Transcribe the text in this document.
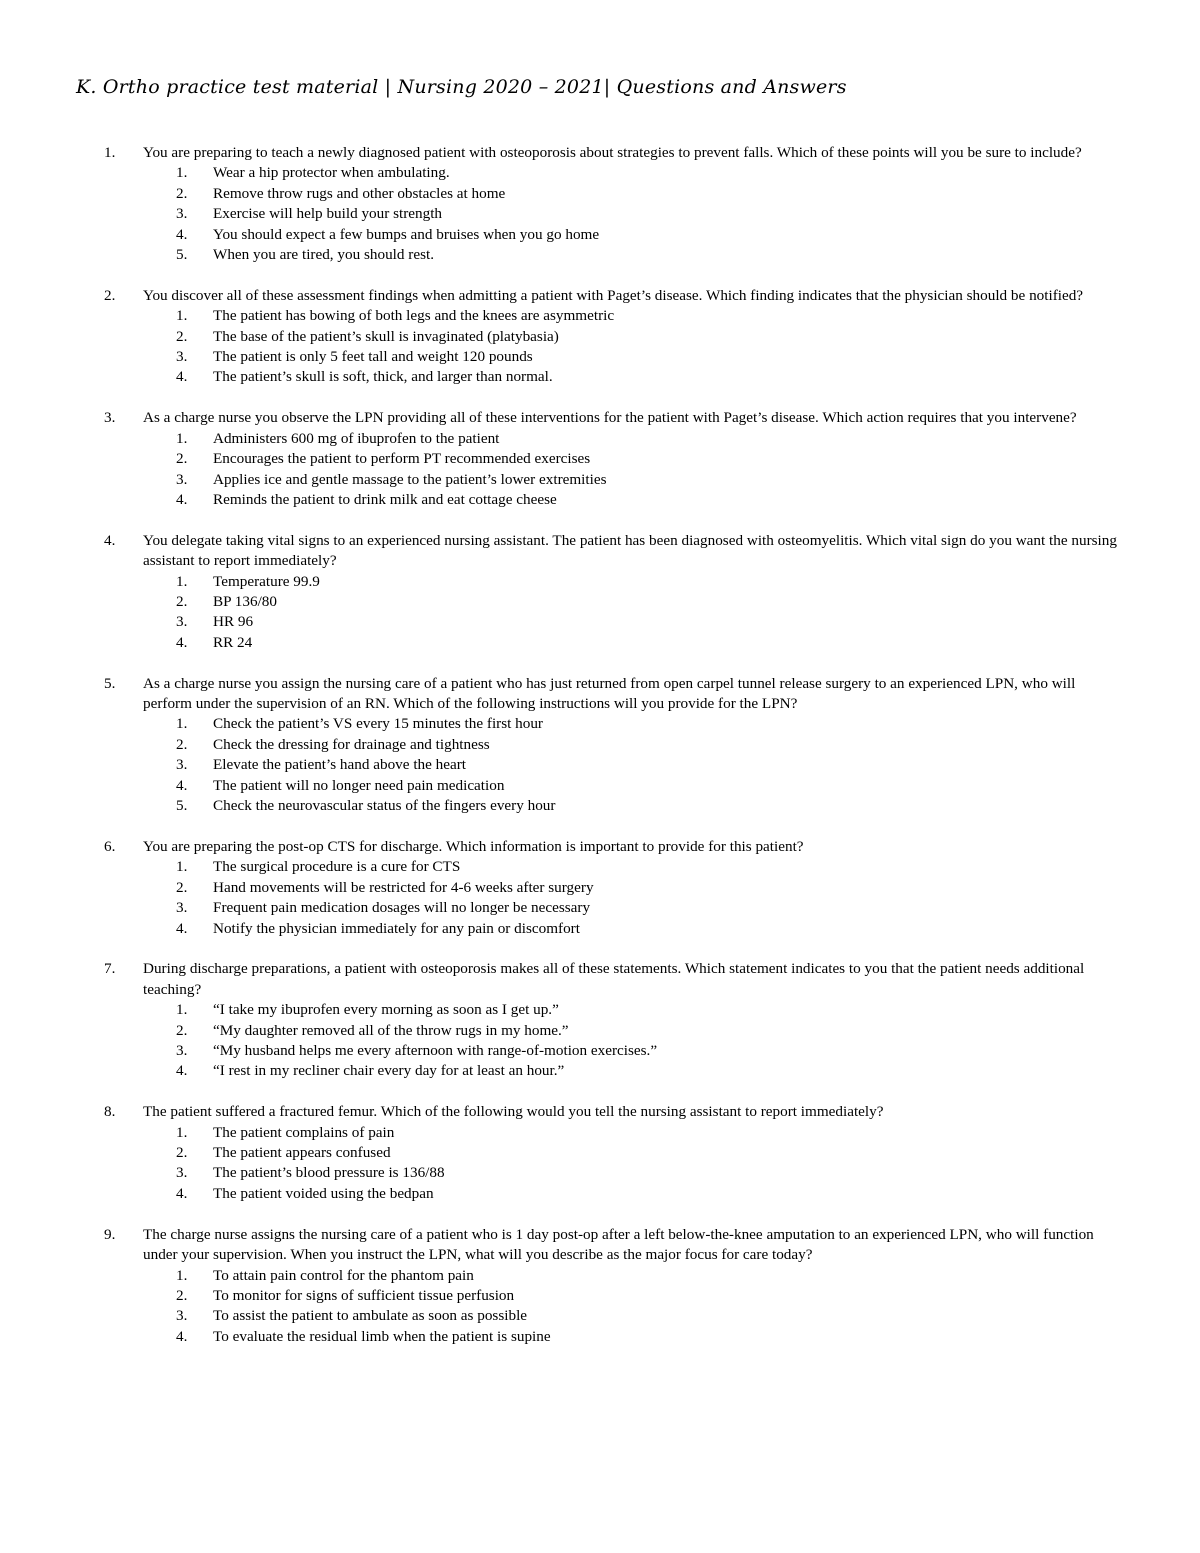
K. Ortho practice test material | Nursing 2020 – 2021| Questions and Answers
1.	You are preparing to teach a newly diagnosed patient with osteoporosis about strategies to prevent falls. Which of these points will you be sure to include?
1. Wear a hip protector when ambulating.
2. Remove throw rugs and other obstacles at home
3. Exercise will help build your strength
4. You should expect a few bumps and bruises when you go home
5. When you are tired, you should rest.
2.	You discover all of these assessment findings when admitting a patient with Paget’s disease. Which finding indicates that the physician should be notified?
1. The patient has bowing of both legs and the knees are asymmetric
2. The base of the patient’s skull is invaginated (platybasia)
3. The patient is only 5 feet tall and weight 120 pounds
4. The patient’s skull is soft, thick, and larger than normal.
3.	As a charge nurse you observe the LPN providing all of these interventions for the patient with Paget’s disease. Which action requires that you intervene?
1. Administers 600 mg of ibuprofen to the patient
2. Encourages the patient to perform PT recommended exercises
3. Applies ice and gentle massage to the patient’s lower extremities
4. Reminds the patient to drink milk and eat cottage cheese
4.	You delegate taking vital signs to an experienced nursing assistant. The patient has been diagnosed with osteomyelitis. Which vital sign do you want the nursing assistant to report immediately?
1. Temperature 99.9
2. BP 136/80
3. HR 96
4. RR 24
5.	As a charge nurse you assign the nursing care of a patient who has just returned from open carpel tunnel release surgery to an experienced LPN, who will perform under the supervision of an RN. Which of the following instructions will you provide for the LPN?
1. Check the patient’s VS every 15 minutes the first hour
2. Check the dressing for drainage and tightness
3. Elevate the patient’s hand above the heart
4. The patient will no longer need pain medication
5. Check the neurovascular status of the fingers every hour
6.	You are preparing the post-op CTS for discharge. Which information is important to provide for this patient?
1. The surgical procedure is a cure for CTS
2. Hand movements will be restricted for 4-6 weeks after surgery
3. Frequent pain medication dosages will no longer be necessary
4. Notify the physician immediately for any pain or discomfort
7.	During discharge preparations, a patient with osteoporosis makes all of these statements. Which statement indicates to you that the patient needs additional teaching?
1. “I take my ibuprofen every morning as soon as I get up.”
2. “My daughter removed all of the throw rugs in my home.”
3. “My husband helps me every afternoon with range-of-motion exercises.”
4. “I rest in my recliner chair every day for at least an hour.”
8.	The patient suffered a fractured femur. Which of the following would you tell the nursing assistant to report immediately?
1. The patient complains of pain
2. The patient appears confused
3. The patient’s blood pressure is 136/88
4. The patient voided using the bedpan
9.	The charge nurse assigns the nursing care of a patient who is 1 day post-op after a left below-the-knee amputation to an experienced LPN, who will function under your supervision. When you instruct the LPN, what will you describe as the major focus for care today?
1. To attain pain control for the phantom pain
2. To monitor for signs of sufficient tissue perfusion
3. To assist the patient to ambulate as soon as possible
4. To evaluate the residual limb when the patient is supine
